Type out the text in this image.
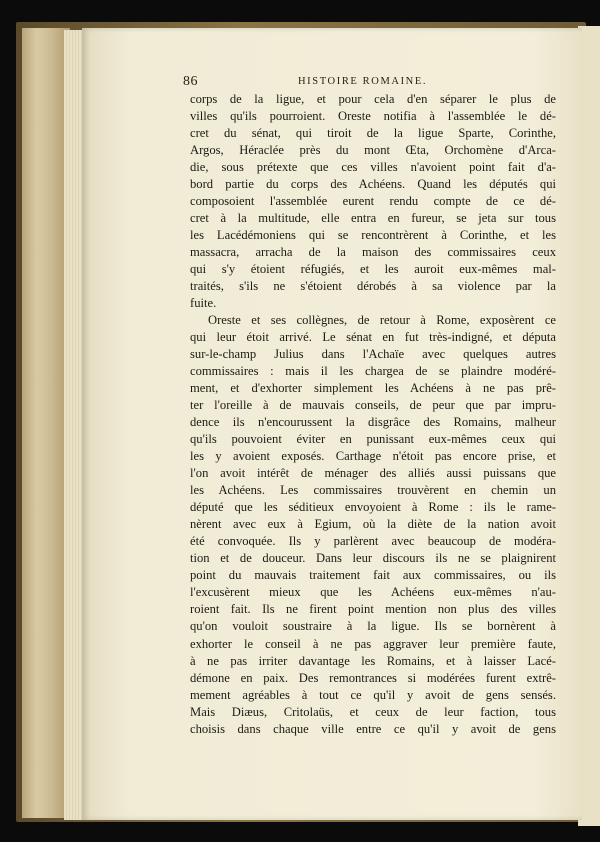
86	HISTOIRE ROMAINE.
corps de la ligue, et pour cela d'en séparer le plus de
villes qu'ils pourroient. Oreste notifia à l'assemblée le dé-
cret du sénat, qui tiroit de la ligue Sparte, Corinthe,
Argos, Héraclée près du mont Œta, Orchomène d'Arca-
die, sous prétexte que ces villes n'avoient point fait d'a-
bord partie du corps des Achéens. Quand les députés qui
composoient l'assemblée eurent rendu compte de ce dé-
cret à la multitude, elle entra en fureur, se jeta sur tous
les Lacédémoniens qui se rencontrèrent à Corinthe, et les
massacra, arracha de la maison des commissaires ceux
qui s'y étoient réfugiés, et les auroit eux-mêmes mal-
traités, s'ils ne s'étoient dérobés à sa violence par la
fuite.
Oreste et ses collègnes, de retour à Rome, exposèrent ce
qui leur étoit arrivé. Le sénat en fut très-indigné, et députa
sur-le-champ Julius dans l'Achaïe avec quelques autres
commissaires : mais il les chargea de se plaindre modéré-
ment, et d'exhorter simplement les Achéens à ne pas prê-
ter l'oreille à de mauvais conseils, de peur que par impru-
dence ils n'encourussent la disgrâce des Romains, malheur
qu'ils pouvoient éviter en punissant eux-mêmes ceux qui
les y avoient exposés. Carthage n'étoit pas encore prise, et
l'on avoit intérêt de ménager des alliés aussi puissans que
les Achéens. Les commissaires trouvèrent en chemin un
député que les séditieux envoyoient à Rome : ils le rame-
nèrent avec eux à Egium, où la diète de la nation avoit
été convoquée. Ils y parlèrent avec beaucoup de modéra-
tion et de douceur. Dans leur discours ils ne se plaignirent
point du mauvais traitement fait aux commissaires, ou ils
l'excusèrent mieux que les Achéens eux-mêmes n'au-
roient fait. Ils ne firent point mention non plus des villes
qu'on vouloit soustraire à la ligue. Ils se bornèrent à
exhorter le conseil à ne pas aggraver leur première faute,
à ne pas irriter davantage les Romains, et à laisser Lacé-
démone en paix. Des remontrances si modérées furent extrê-
mement agréables à tout ce qu'il y avoit de gens sensés.
Mais Diæus, Critolaüs, et ceux de leur faction, tous
choisis dans chaque ville entre ce qu'il y avoit de gens
